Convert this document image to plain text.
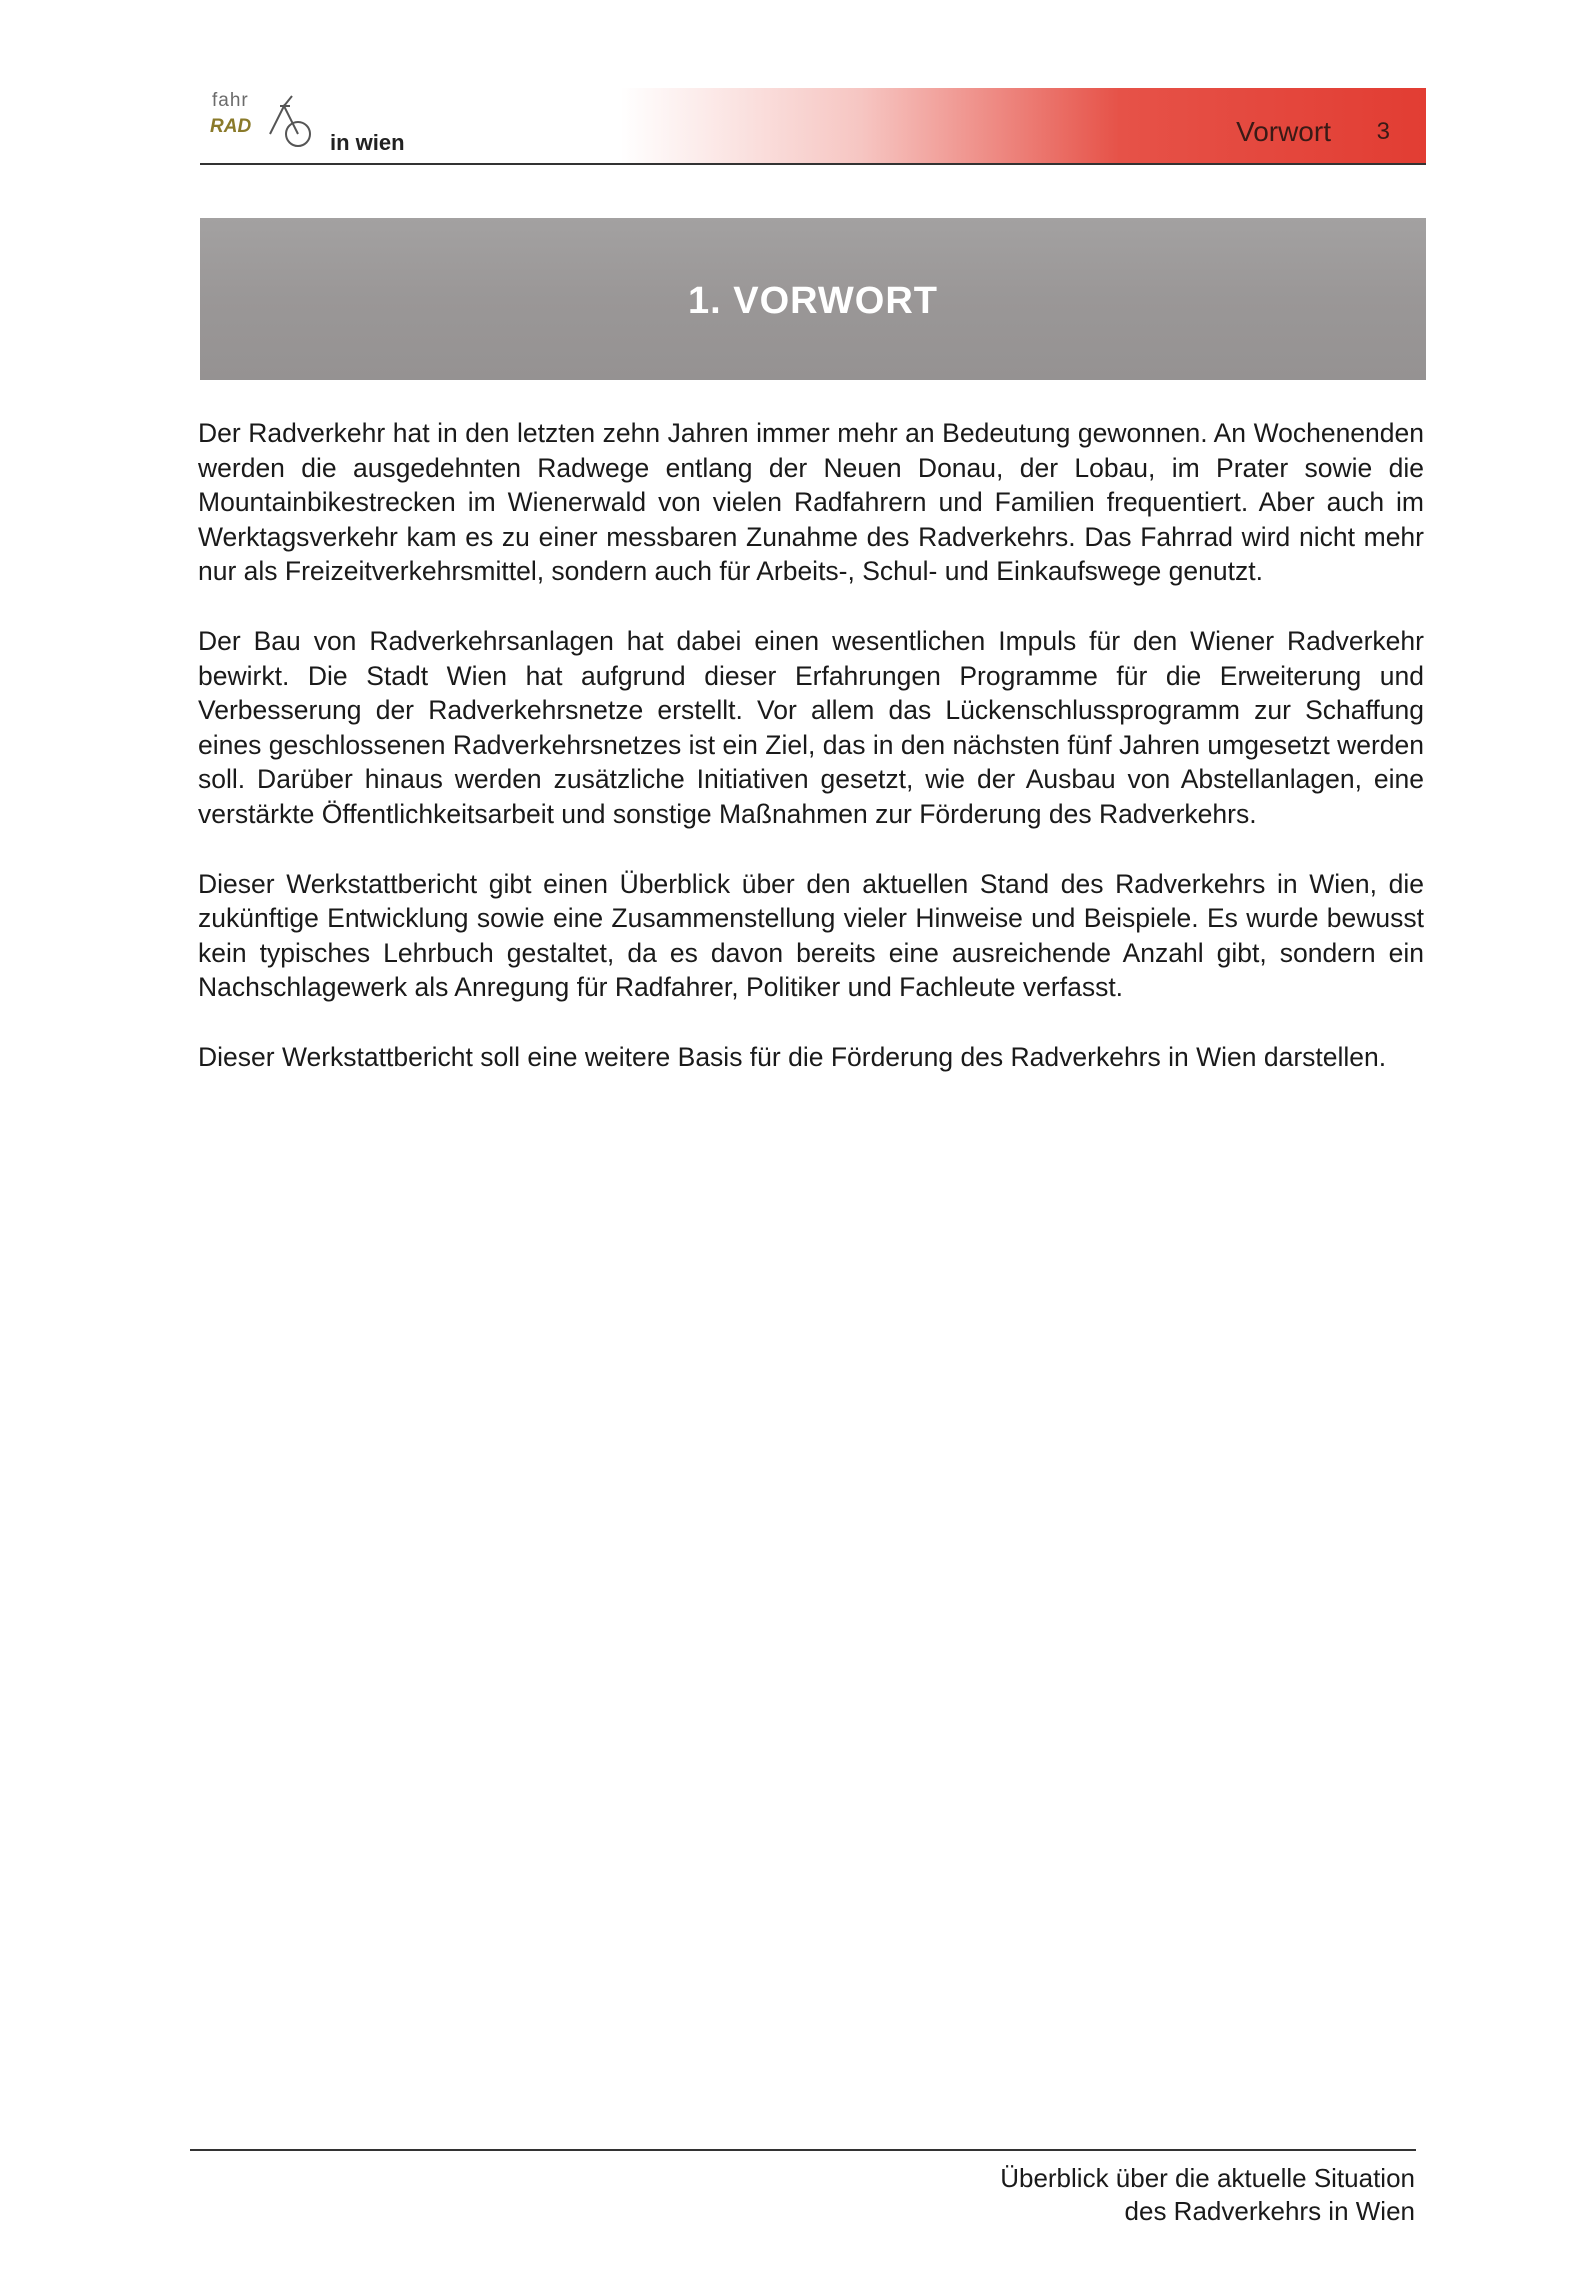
fahr
RAD
in wien	Vorwort 3
1. VORWORT

Der Radverkehr hat in den letzten zehn Jahren immer mehr an Bedeutung gewonnen. An Wochenenden werden die ausgedehnten Radwege entlang der Neuen Donau, der Lobau, im Prater sowie die Mountainbikestrecken im Wienerwald von vielen Radfahrern und Familien frequentiert. Aber auch im Werktagsverkehr kam es zu einer messbaren Zunahme des Radverkehrs. Das Fahrrad wird nicht mehr nur als Freizeitverkehrsmittel, sondern auch für Arbeits-, Schul- und Einkaufswege genutzt.

Der Bau von Radverkehrsanlagen hat dabei einen wesentlichen Impuls für den Wiener Radverkehr bewirkt. Die Stadt Wien hat aufgrund dieser Erfahrungen Programme für die Erweiterung und Verbesserung der Radverkehrsnetze erstellt. Vor allem das Lückenschlussprogramm zur Schaffung eines geschlossenen Radverkehrsnetzes ist ein Ziel, das in den nächsten fünf Jahren umgesetzt werden soll. Darüber hinaus werden zusätzliche Initiativen gesetzt, wie der Ausbau von Abstellanlagen, eine verstärkte Öffentlichkeitsarbeit und sonstige Maßnahmen zur Förderung des Radverkehrs.

Dieser Werkstattbericht gibt einen Überblick über den aktuellen Stand des Radverkehrs in Wien, die zukünftige Entwicklung sowie eine Zusammenstellung vieler Hinweise und Beispiele. Es wurde bewusst kein typisches Lehrbuch gestaltet, da es davon bereits eine ausreichende Anzahl gibt, sondern ein Nachschlagewerk als Anregung für Radfahrer, Politiker und Fachleute verfasst.

Dieser Werkstattbericht soll eine weitere Basis für die Förderung des Radverkehrs in Wien darstellen.

Überblick über die aktuelle Situation
des Radverkehrs in Wien
